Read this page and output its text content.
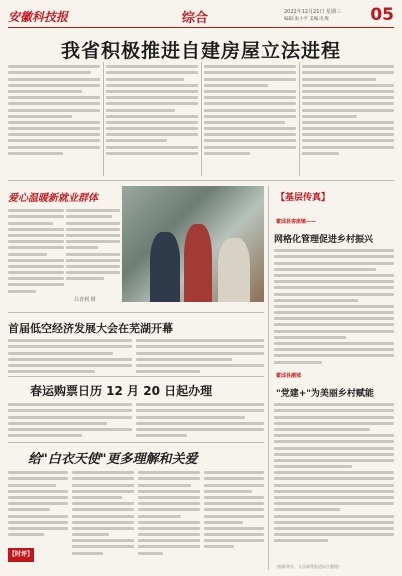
安徽科技报	综合	2022年12月21日 星期三
编辑:张小平 美编:孔维 05
我省积极推进自建房屋立法进程
爱心温暖新就业群体
吕青利 摄
【基层传真】
霍邱县客座镇——
网格化管理促进乡村振兴
霍邱县潮城
"党建+"为美丽乡村赋能
首届低空经济发展大会在芜湖开幕
春运购票日历 12 月 20 日起办理
给"白衣天使"更多理解和关爱
【时评】
（据新华社、人民网等报道综合整理）
